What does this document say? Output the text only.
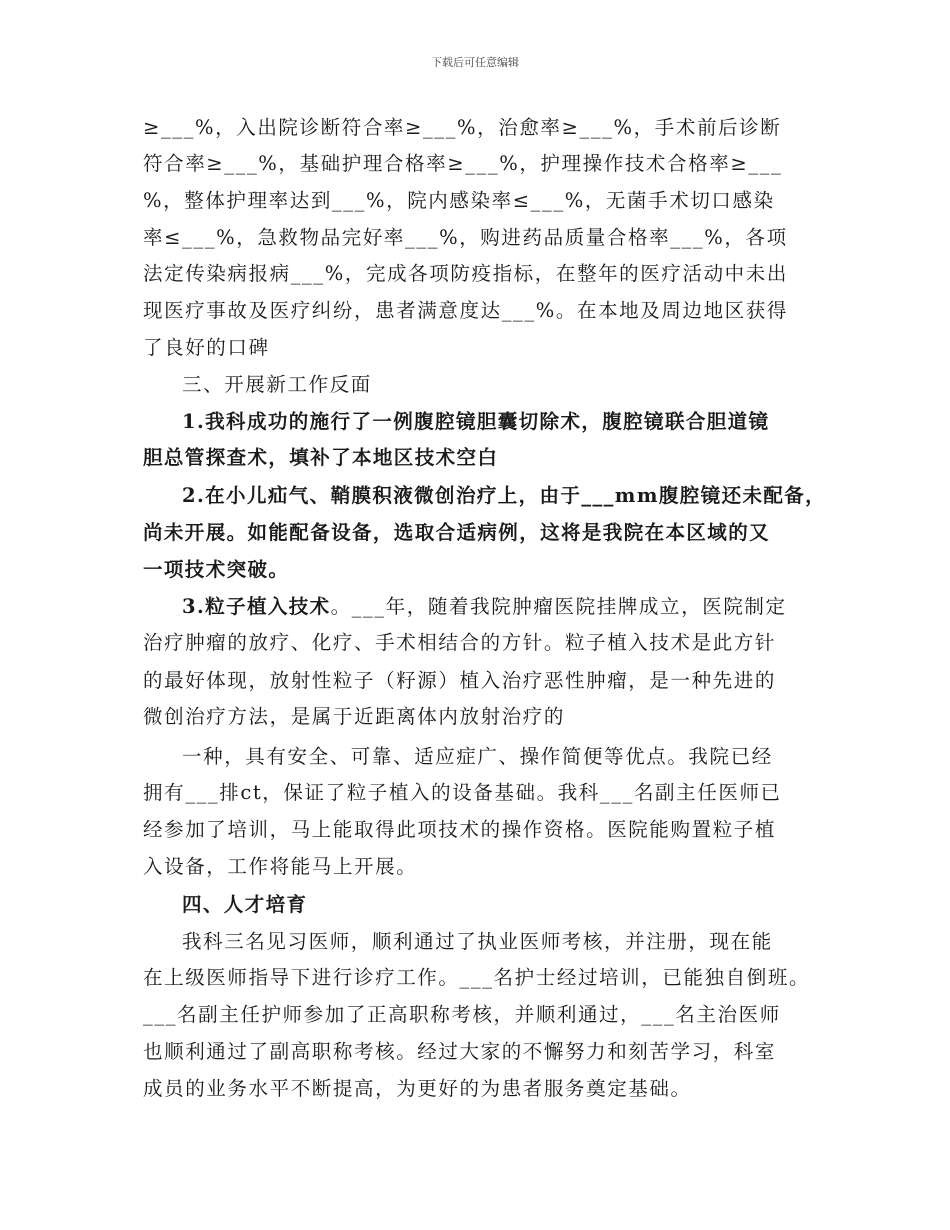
下载后可任意编辑
≥___%，入出院诊断符合率≥___%，治愈率≥___%，手术前后诊断
符合率≥___%，基础护理合格率≥___%，护理操作技术合格率≥___
%，整体护理率达到___%，院内感染率≤___%，无菌手术切口感染
率≤___%，急救物品完好率___%，购进药品质量合格率___%，各项
法定传染病报病___%，完成各项防疫指标，在整年的医疗活动中未出
现医疗事故及医疗纠纷，患者满意度达___%。在本地及周边地区获得
了良好的口碑
三、开展新工作反面
1.我科成功的施行了一例腹腔镜胆囊切除术，腹腔镜联合胆道镜
胆总管探查术，填补了本地区技术空白
2.在小儿疝气、鞘膜积液微创治疗上，由于___mm腹腔镜还未配备，
尚未开展。如能配备设备，选取合适病例，这将是我院在本区域的又
一项技术突破。
3.粒子植入技术。___年，随着我院肿瘤医院挂牌成立，医院制定
治疗肿瘤的放疗、化疗、手术相结合的方针。粒子植入技术是此方针
的最好体现，放射性粒子（籽源）植入治疗恶性肿瘤，是一种先进的
微创治疗方法，是属于近距离体内放射治疗的
一种，具有安全、可靠、适应症广、操作简便等优点。我院已经
拥有___排ct，保证了粒子植入的设备基础。我科___名副主任医师已
经参加了培训，马上能取得此项技术的操作资格。医院能购置粒子植
入设备，工作将能马上开展。
四、人才培育
我科三名见习医师，顺利通过了执业医师考核，并注册，现在能
在上级医师指导下进行诊疗工作。___名护士经过培训，已能独自倒班。
___名副主任护师参加了正高职称考核，并顺利通过，___名主治医师
也顺利通过了副高职称考核。经过大家的不懈努力和刻苦学习，科室
成员的业务水平不断提高，为更好的为患者服务奠定基础。
